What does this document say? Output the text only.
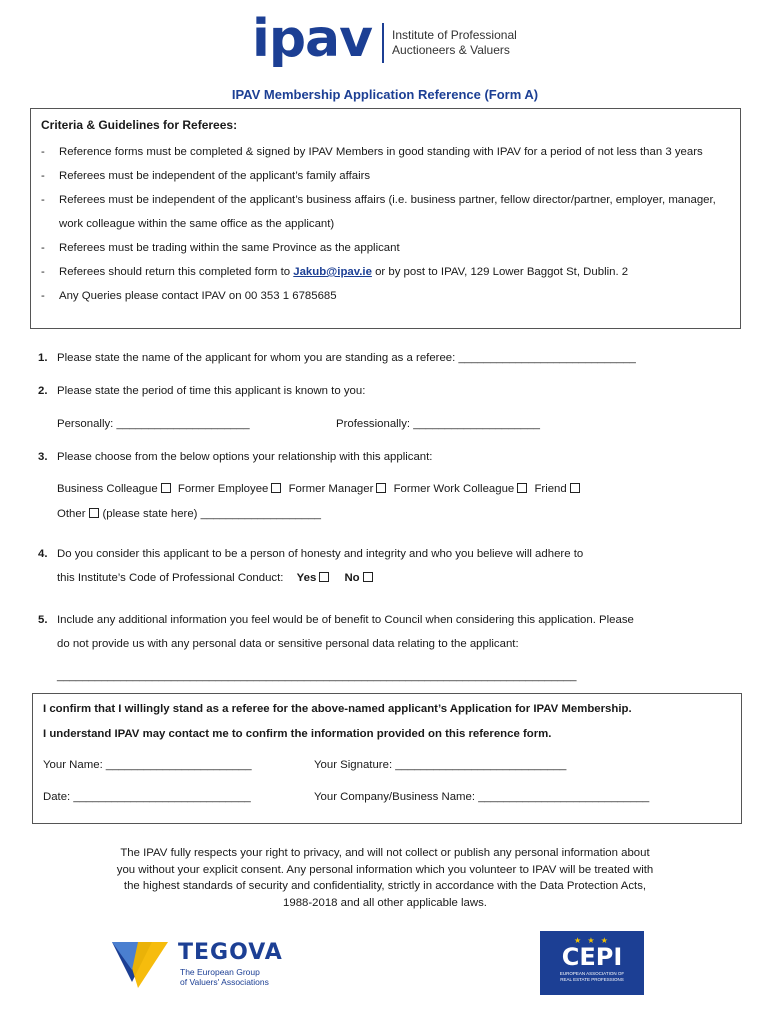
ipav Institute of Professional
Auctioneers & Valuers
IPAV Membership Application Reference (Form A)
Criteria & Guidelines for Referees:
- Reference forms must be completed & signed by IPAV Members in good standing with IPAV for a period of not less than 3 years
- Referees must be independent of the applicant’s family affairs
- Referees must be independent of the applicant’s business affairs (i.e. business partner, fellow director/partner, employer, manager, work colleague within the same office as the applicant)
- Referees must be trading within the same Province as the applicant
- Referees should return this completed form to Jakub@ipav.ie or by post to IPAV, 129 Lower Baggot St, Dublin. 2
- Any Queries please contact IPAV on 00 353 1 6785685
1. Please state the name of the applicant for whom you are standing as a referee: ____________________________
2. Please state the period of time this applicant is known to you:
Personally: _____________________	Professionally: ____________________
3. Please choose from the below options your relationship with this applicant:
Business Colleague Former Employee Former Manager Former Work Colleague Friend
Other (please state here) ___________________
4. Do you consider this applicant to be a person of honesty and integrity and who you believe will adhere to
this Institute’s Code of Professional Conduct: Yes No
5. Include any additional information you feel would be of benefit to Council when considering this application. Please
do not provide us with any personal data or sensitive personal data relating to the applicant:
__________________________________________________________________________________
I confirm that I willingly stand as a referee for the above-named applicant’s Application for IPAV Membership.
I understand IPAV may contact me to confirm the information provided on this reference form.
Your Name: _______________________	Your Signature: ___________________________
Date: ____________________________	Your Company/Business Name: ___________________________
The IPAV fully respects your right to privacy, and will not collect or publish any personal information about
you without your explicit consent. Any personal information which you volunteer to IPAV will be treated with
the highest standards of security and confidentiality, strictly in accordance with the Data Protection Acts,
1988-2018 and all other applicable laws.
TEGOVA
The European Group
of Valuers' Associations
★ ★ ★
CEPI
EUROPEAN ASSOCIATION OF REAL ESTATE PROFESSIONS
